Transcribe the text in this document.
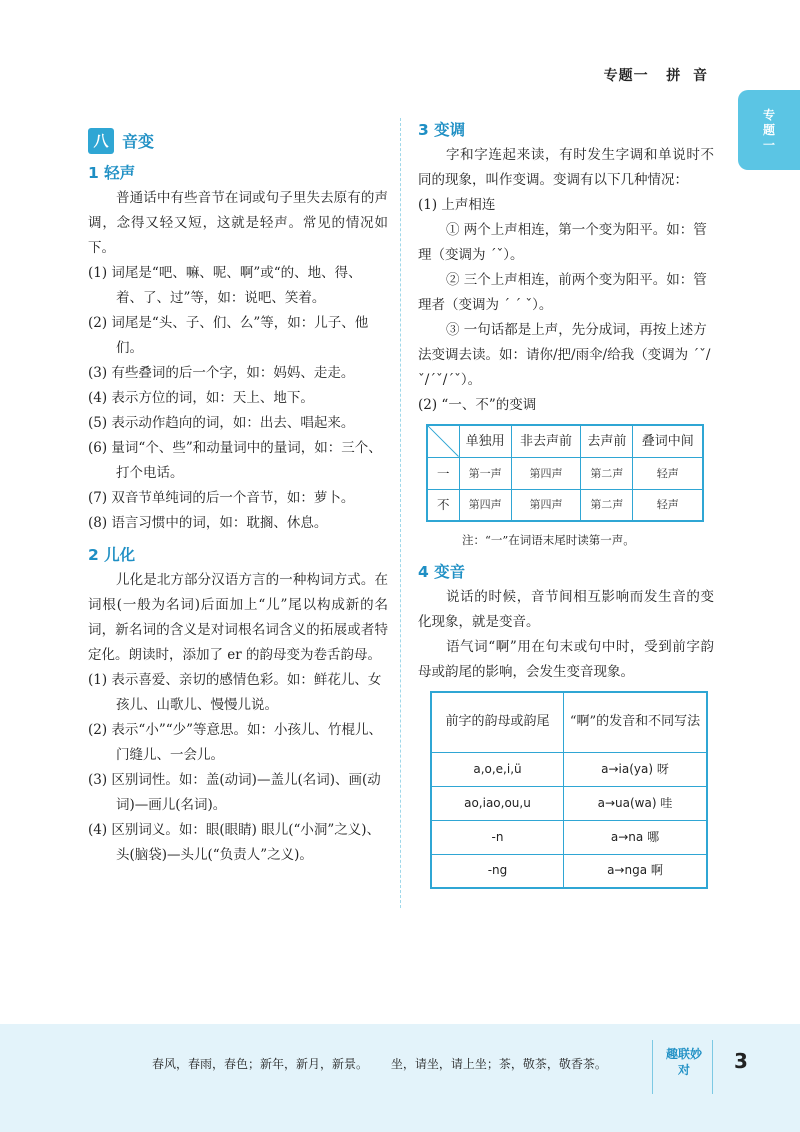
专题一   拼  音
专题一
八 音变
1 轻声
普通话中有些音节在词或句子里失去原有的声调，念得又轻又短，这就是轻声。常见的情况如下。
(1) 词尾是“吧、嘛、呢、啊”或“的、地、得、着、了、过”等，如：说吧、笑着。
(2) 词尾是“头、子、们、么”等，如：儿子、他们。
(3) 有些叠词的后一个字，如：妈妈、走走。
(4) 表示方位的词，如：天上、地下。
(5) 表示动作趋向的词，如：出去、唱起来。
(6) 量词“个、些”和动量词中的量词，如：三个、打个电话。
(7) 双音节单纯词的后一个音节，如：萝卜。
(8) 语言习惯中的词，如：耽搁、休息。
2 儿化
儿化是北方部分汉语方言的一种构词方式。在词根(一般为名词)后面加上“儿”尾以构成新的名词，新名词的含义是对词根名词含义的拓展或者特定化。朗读时，添加了 er 的韵母变为卷舌韵母。
(1) 表示喜爱、亲切的感情色彩。如：鲜花儿、女孩儿、山歌儿、慢慢儿说。
(2) 表示“小”“少”等意思。如：小孩儿、竹棍儿、门缝儿、一会儿。
(3) 区别词性。如：盖(动词)—盖儿(名词)、画(动词)—画儿(名词)。
(4) 区别词义。如：眼(眼睛) 眼儿(“小洞”之义)、头(脑袋)—头儿(“负责人”之义)。
3 变调
字和字连起来读，有时发生字调和单说时不同的现象，叫作变调。变调有以下几种情况：
(1) 上声相连
① 两个上声相连，第一个变为阳平。如：管理（变调为 ˊˇ）。
② 三个上声相连，前两个变为阳平。如：管理者（变调为 ˊ ˊ ˇ）。
③ 一句话都是上声，先分成词，再按上述方法变调去读。如：请你/把/雨伞/给我（变调为 ˊˇ/ˇ/ˊˇ/ˊˇ）。
(2) “一、不”的变调
	单独用	非去声前	去声前	叠词中间
一	第一声	第四声	第二声	轻声
不	第四声	第四声	第二声	轻声
注：“一”在词语末尾时读第一声。
4 变音
说话的时候，音节间相互影响而发生音的变化现象，就是变音。
语气词“啊”用在句末或句中时，受到前字韵母或韵尾的影响，会发生变音现象。
前字的韵母或韵尾	“啊”的发音和不同写法
a,o,e,i,ü	a→ia(ya) 呀
ao,iao,ou,u	a→ua(wa) 哇
-n	a→na 哪
-ng	a→nga 啊
春风，春雨，春色；新年，新月，新景。      坐，请坐，请上坐；茶，敬茶，敬香茶。
趣联妙对	3
